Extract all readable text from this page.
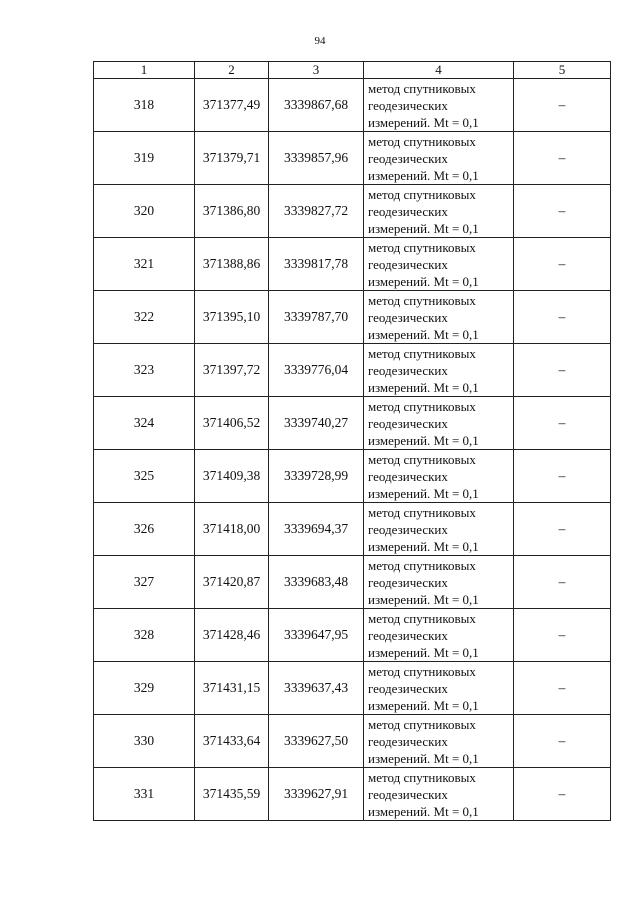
94
1	2	3	4	5
318	371377,49	3339867,68	метод спутниковых
геодезических
измерений. Mt = 0,1	–
319	371379,71	3339857,96	метод спутниковых
геодезических
измерений. Mt = 0,1	–
320	371386,80	3339827,72	метод спутниковых
геодезических
измерений. Mt = 0,1	–
321	371388,86	3339817,78	метод спутниковых
геодезических
измерений. Mt = 0,1	–
322	371395,10	3339787,70	метод спутниковых
геодезических
измерений. Mt = 0,1	–
323	371397,72	3339776,04	метод спутниковых
геодезических
измерений. Mt = 0,1	–
324	371406,52	3339740,27	метод спутниковых
геодезических
измерений. Mt = 0,1	–
325	371409,38	3339728,99	метод спутниковых
геодезических
измерений. Mt = 0,1	–
326	371418,00	3339694,37	метод спутниковых
геодезических
измерений. Mt = 0,1	–
327	371420,87	3339683,48	метод спутниковых
геодезических
измерений. Mt = 0,1	–
328	371428,46	3339647,95	метод спутниковых
геодезических
измерений. Mt = 0,1	–
329	371431,15	3339637,43	метод спутниковых
геодезических
измерений. Mt = 0,1	–
330	371433,64	3339627,50	метод спутниковых
геодезических
измерений. Mt = 0,1	–
331	371435,59	3339627,91	метод спутниковых
геодезических
измерений. Mt = 0,1	–
